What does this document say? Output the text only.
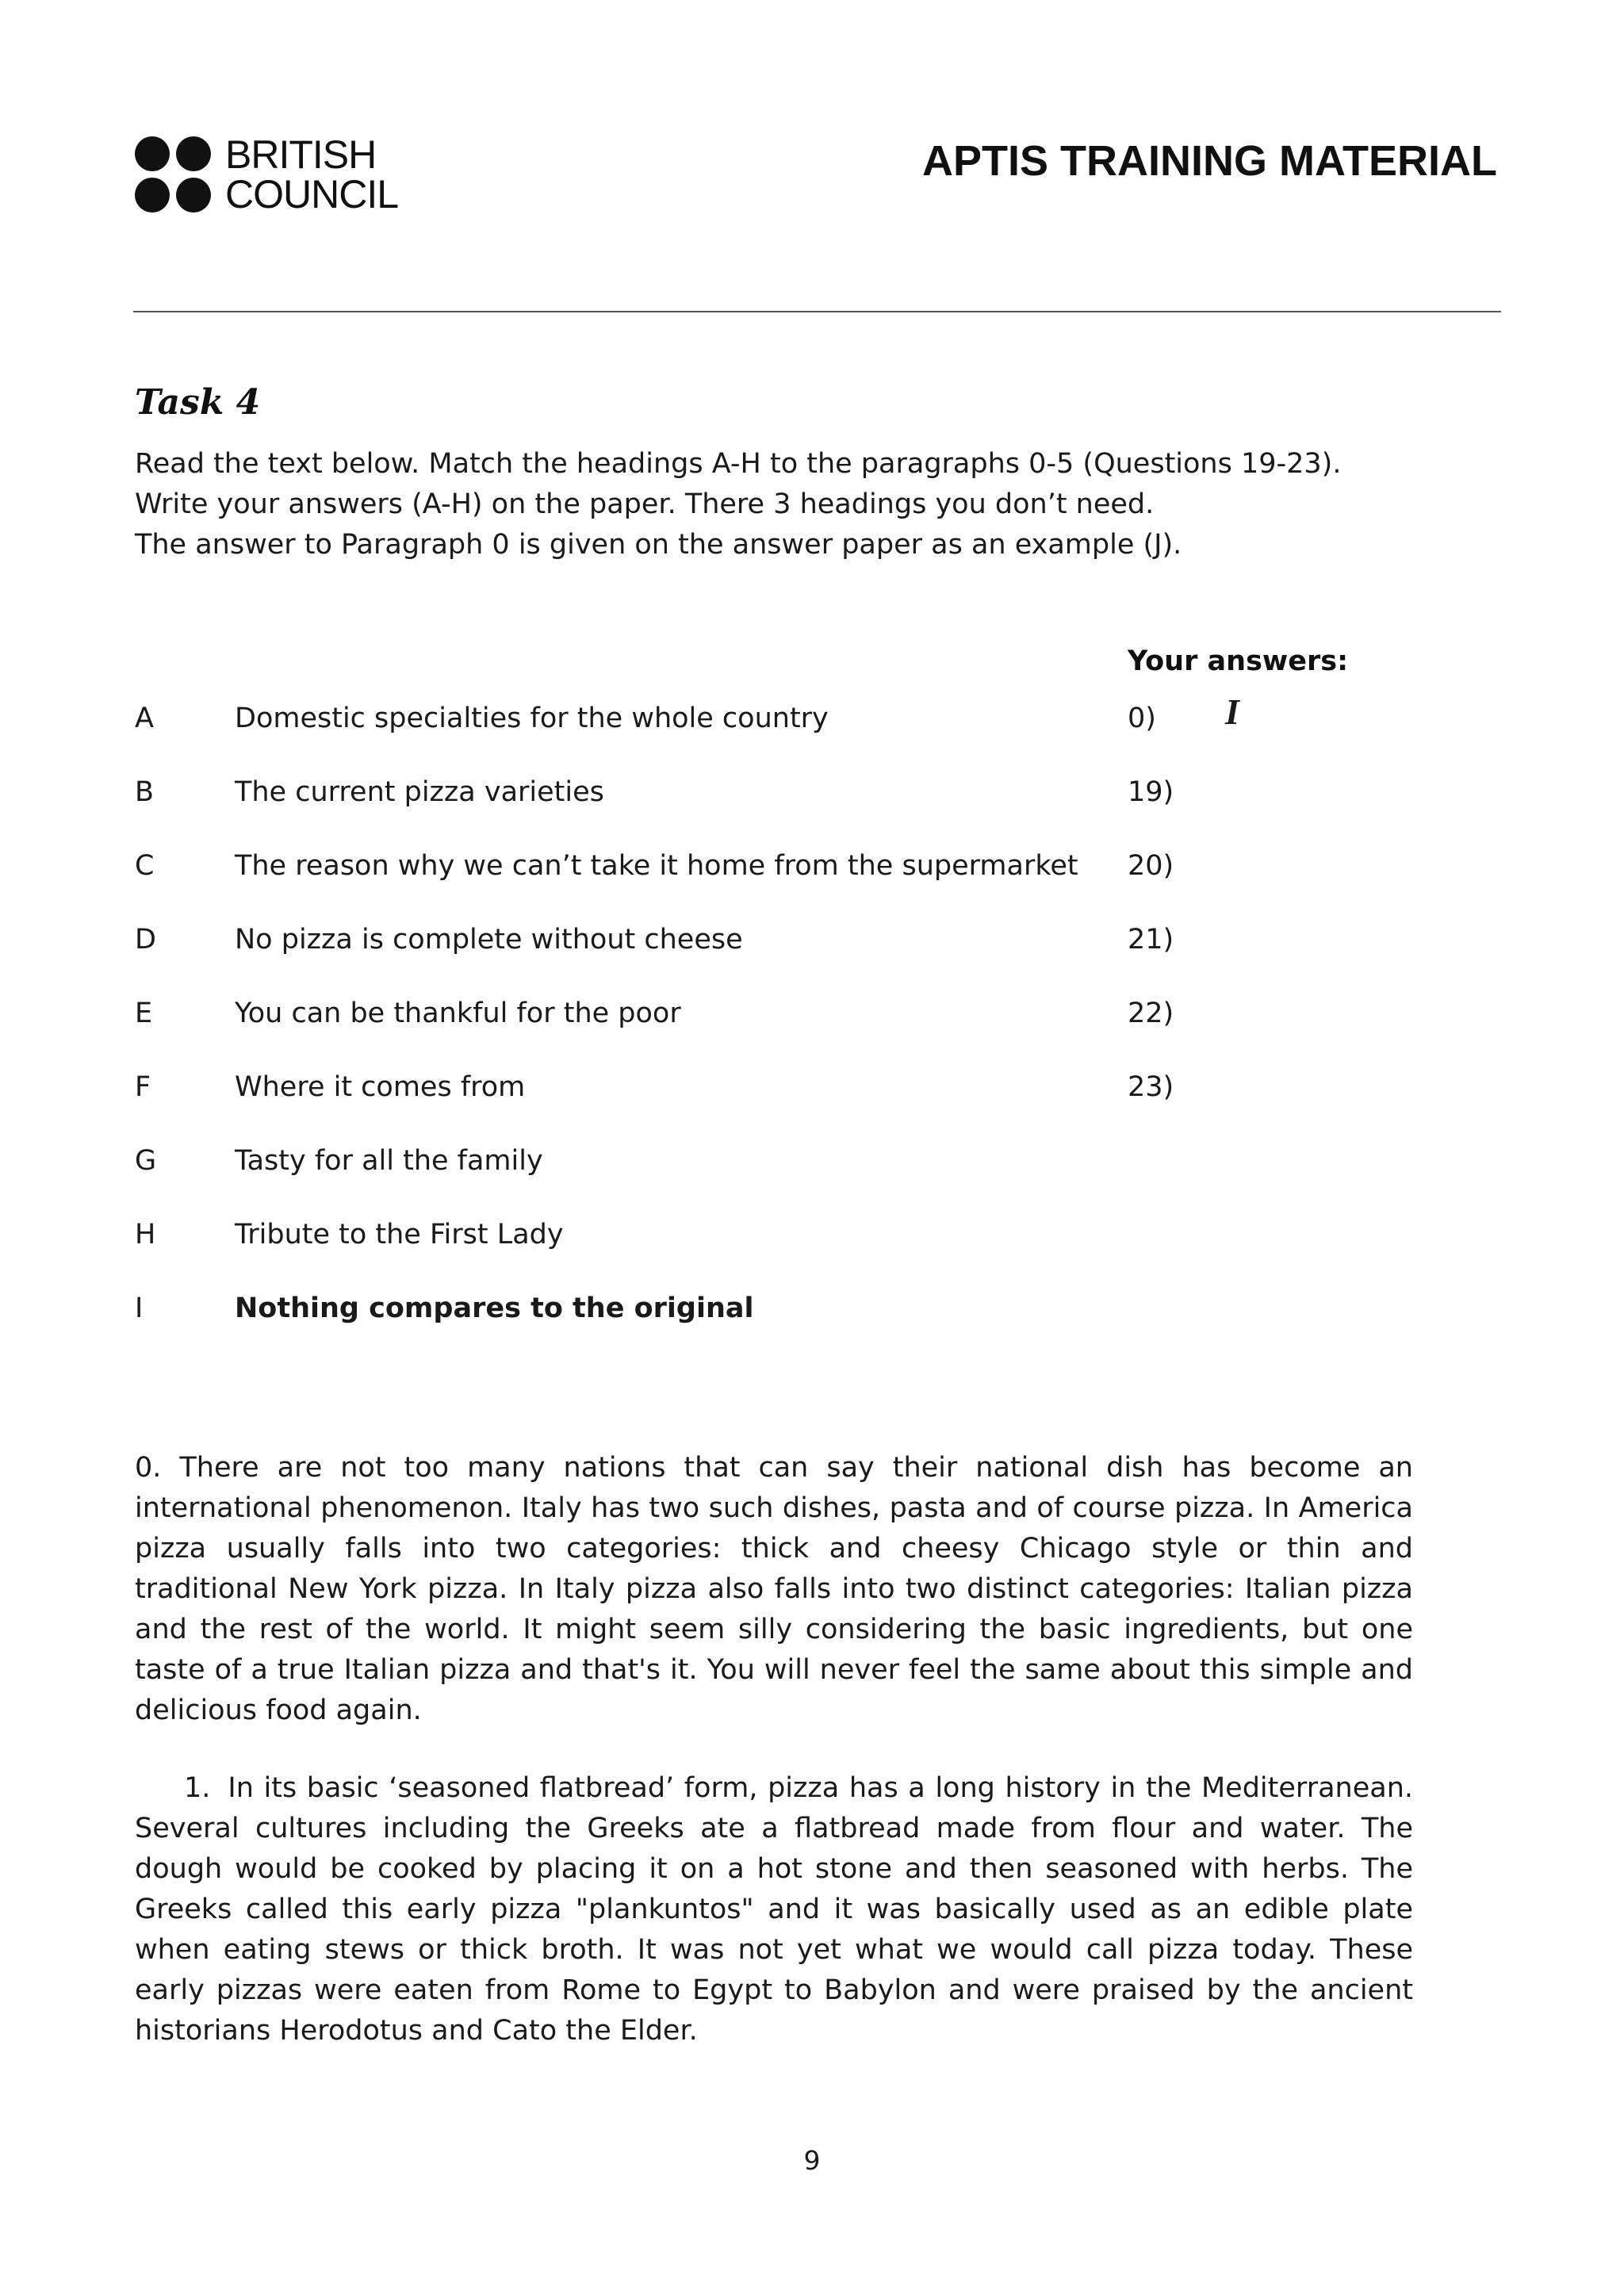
BRITISH
COUNCIL
APTIS TRAINING MATERIAL
Task 4

Read the text below. Match the headings A-H to the paragraphs 0-5 (Questions 19-23). Write your answers (A-H) on the paper. There 3 headings you don’t need.

The answer to Paragraph 0 is given on the answer paper as an example (J).

Your answers:
A	Domestic specialties for the whole country	0) I
B	The current pizza varieties	19)
C	The reason why we can’t take it home from the supermarket 20)
D	No pizza is complete without cheese	21)
E	You can be thankful for the poor	22)
F	Where it comes from	23)
G	Tasty for all the family
H	Tribute to the First Lady
I	Nothing compares to the original

0. There are not too many nations that can say their national dish has become an international phenomenon. Italy has two such dishes, pasta and of course pizza. In America pizza usually falls into two categories: thick and cheesy Chicago style or thin and traditional New York pizza. In Italy pizza also falls into two distinct categories: Italian pizza and the rest of the world. It might seem silly considering the basic ingredients, but one taste of a true Italian pizza and that's it. You will never feel the same about this simple and delicious food again.

1. In its basic ‘seasoned flatbread’ form, pizza has a long history in the Mediterranean. Several cultures including the Greeks ate a flatbread made from flour and water. The dough would be cooked by placing it on a hot stone and then seasoned with herbs. The Greeks called this early pizza "plankuntos" and it was basically used as an edible plate when eating stews or thick broth. It was not yet what we would call pizza today. These early pizzas were eaten from Rome to Egypt to Babylon and were praised by the ancient historians Herodotus and Cato the Elder.

9
